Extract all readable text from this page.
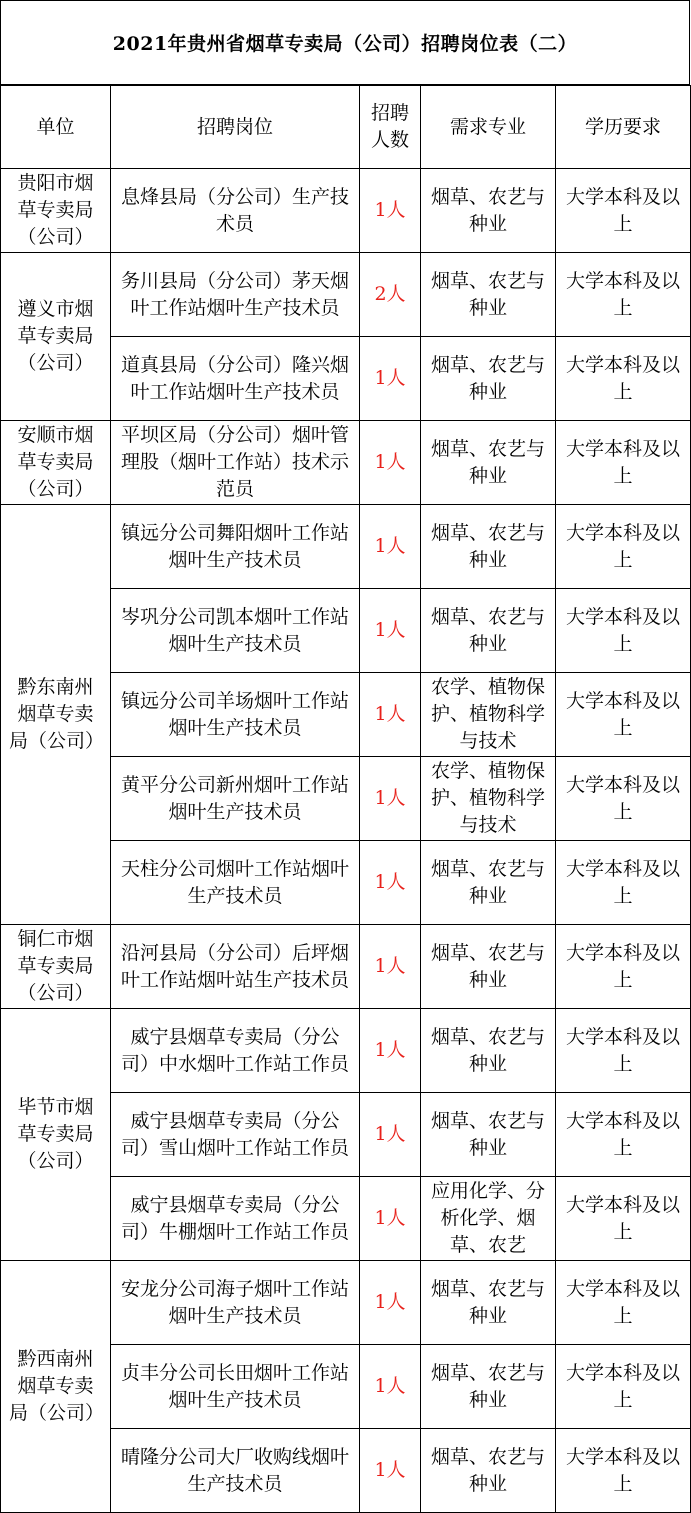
2021年贵州省烟草专卖局（公司）招聘岗位表（二）
单位	招聘岗位	招聘人数	需求专业	学历要求
贵阳市烟草专卖局（公司）	息烽县局（分公司）生产技术员	1人	烟草、农艺与种业	大学本科及以上
遵义市烟草专卖局（公司）	务川县局（分公司）茅天烟叶工作站烟叶生产技术员	2人	烟草、农艺与种业	大学本科及以上
	道真县局（分公司）隆兴烟叶工作站烟叶生产技术员	1人	烟草、农艺与种业	大学本科及以上
安顺市烟草专卖局（公司）	平坝区局（分公司）烟叶管理股（烟叶工作站）技术示范员	1人	烟草、农艺与种业	大学本科及以上
黔东南州烟草专卖局（公司）	镇远分公司舞阳烟叶工作站烟叶生产技术员	1人	烟草、农艺与种业	大学本科及以上
	岑巩分公司凯本烟叶工作站烟叶生产技术员	1人	烟草、农艺与种业	大学本科及以上
	镇远分公司羊场烟叶工作站烟叶生产技术员	1人	农学、植物保护、植物科学与技术	大学本科及以上
	黄平分公司新州烟叶工作站烟叶生产技术员	1人	农学、植物保护、植物科学与技术	大学本科及以上
	天柱分公司烟叶工作站烟叶生产技术员	1人	烟草、农艺与种业	大学本科及以上
铜仁市烟草专卖局（公司）	沿河县局（分公司）后坪烟叶工作站烟叶站生产技术员	1人	烟草、农艺与种业	大学本科及以上
毕节市烟草专卖局（公司）	威宁县烟草专卖局（分公司）中水烟叶工作站工作员	1人	烟草、农艺与种业	大学本科及以上
	威宁县烟草专卖局（分公司）雪山烟叶工作站工作员	1人	烟草、农艺与种业	大学本科及以上
	威宁县烟草专卖局（分公司）牛棚烟叶工作站工作员	1人	应用化学、分析化学、烟草、农艺	大学本科及以上
黔西南州烟草专卖局（公司）	安龙分公司海子烟叶工作站烟叶生产技术员	1人	烟草、农艺与种业	大学本科及以上
	贞丰分公司长田烟叶工作站烟叶生产技术员	1人	烟草、农艺与种业	大学本科及以上
	晴隆分公司大厂收购线烟叶生产技术员	1人	烟草、农艺与种业	大学本科及以上
